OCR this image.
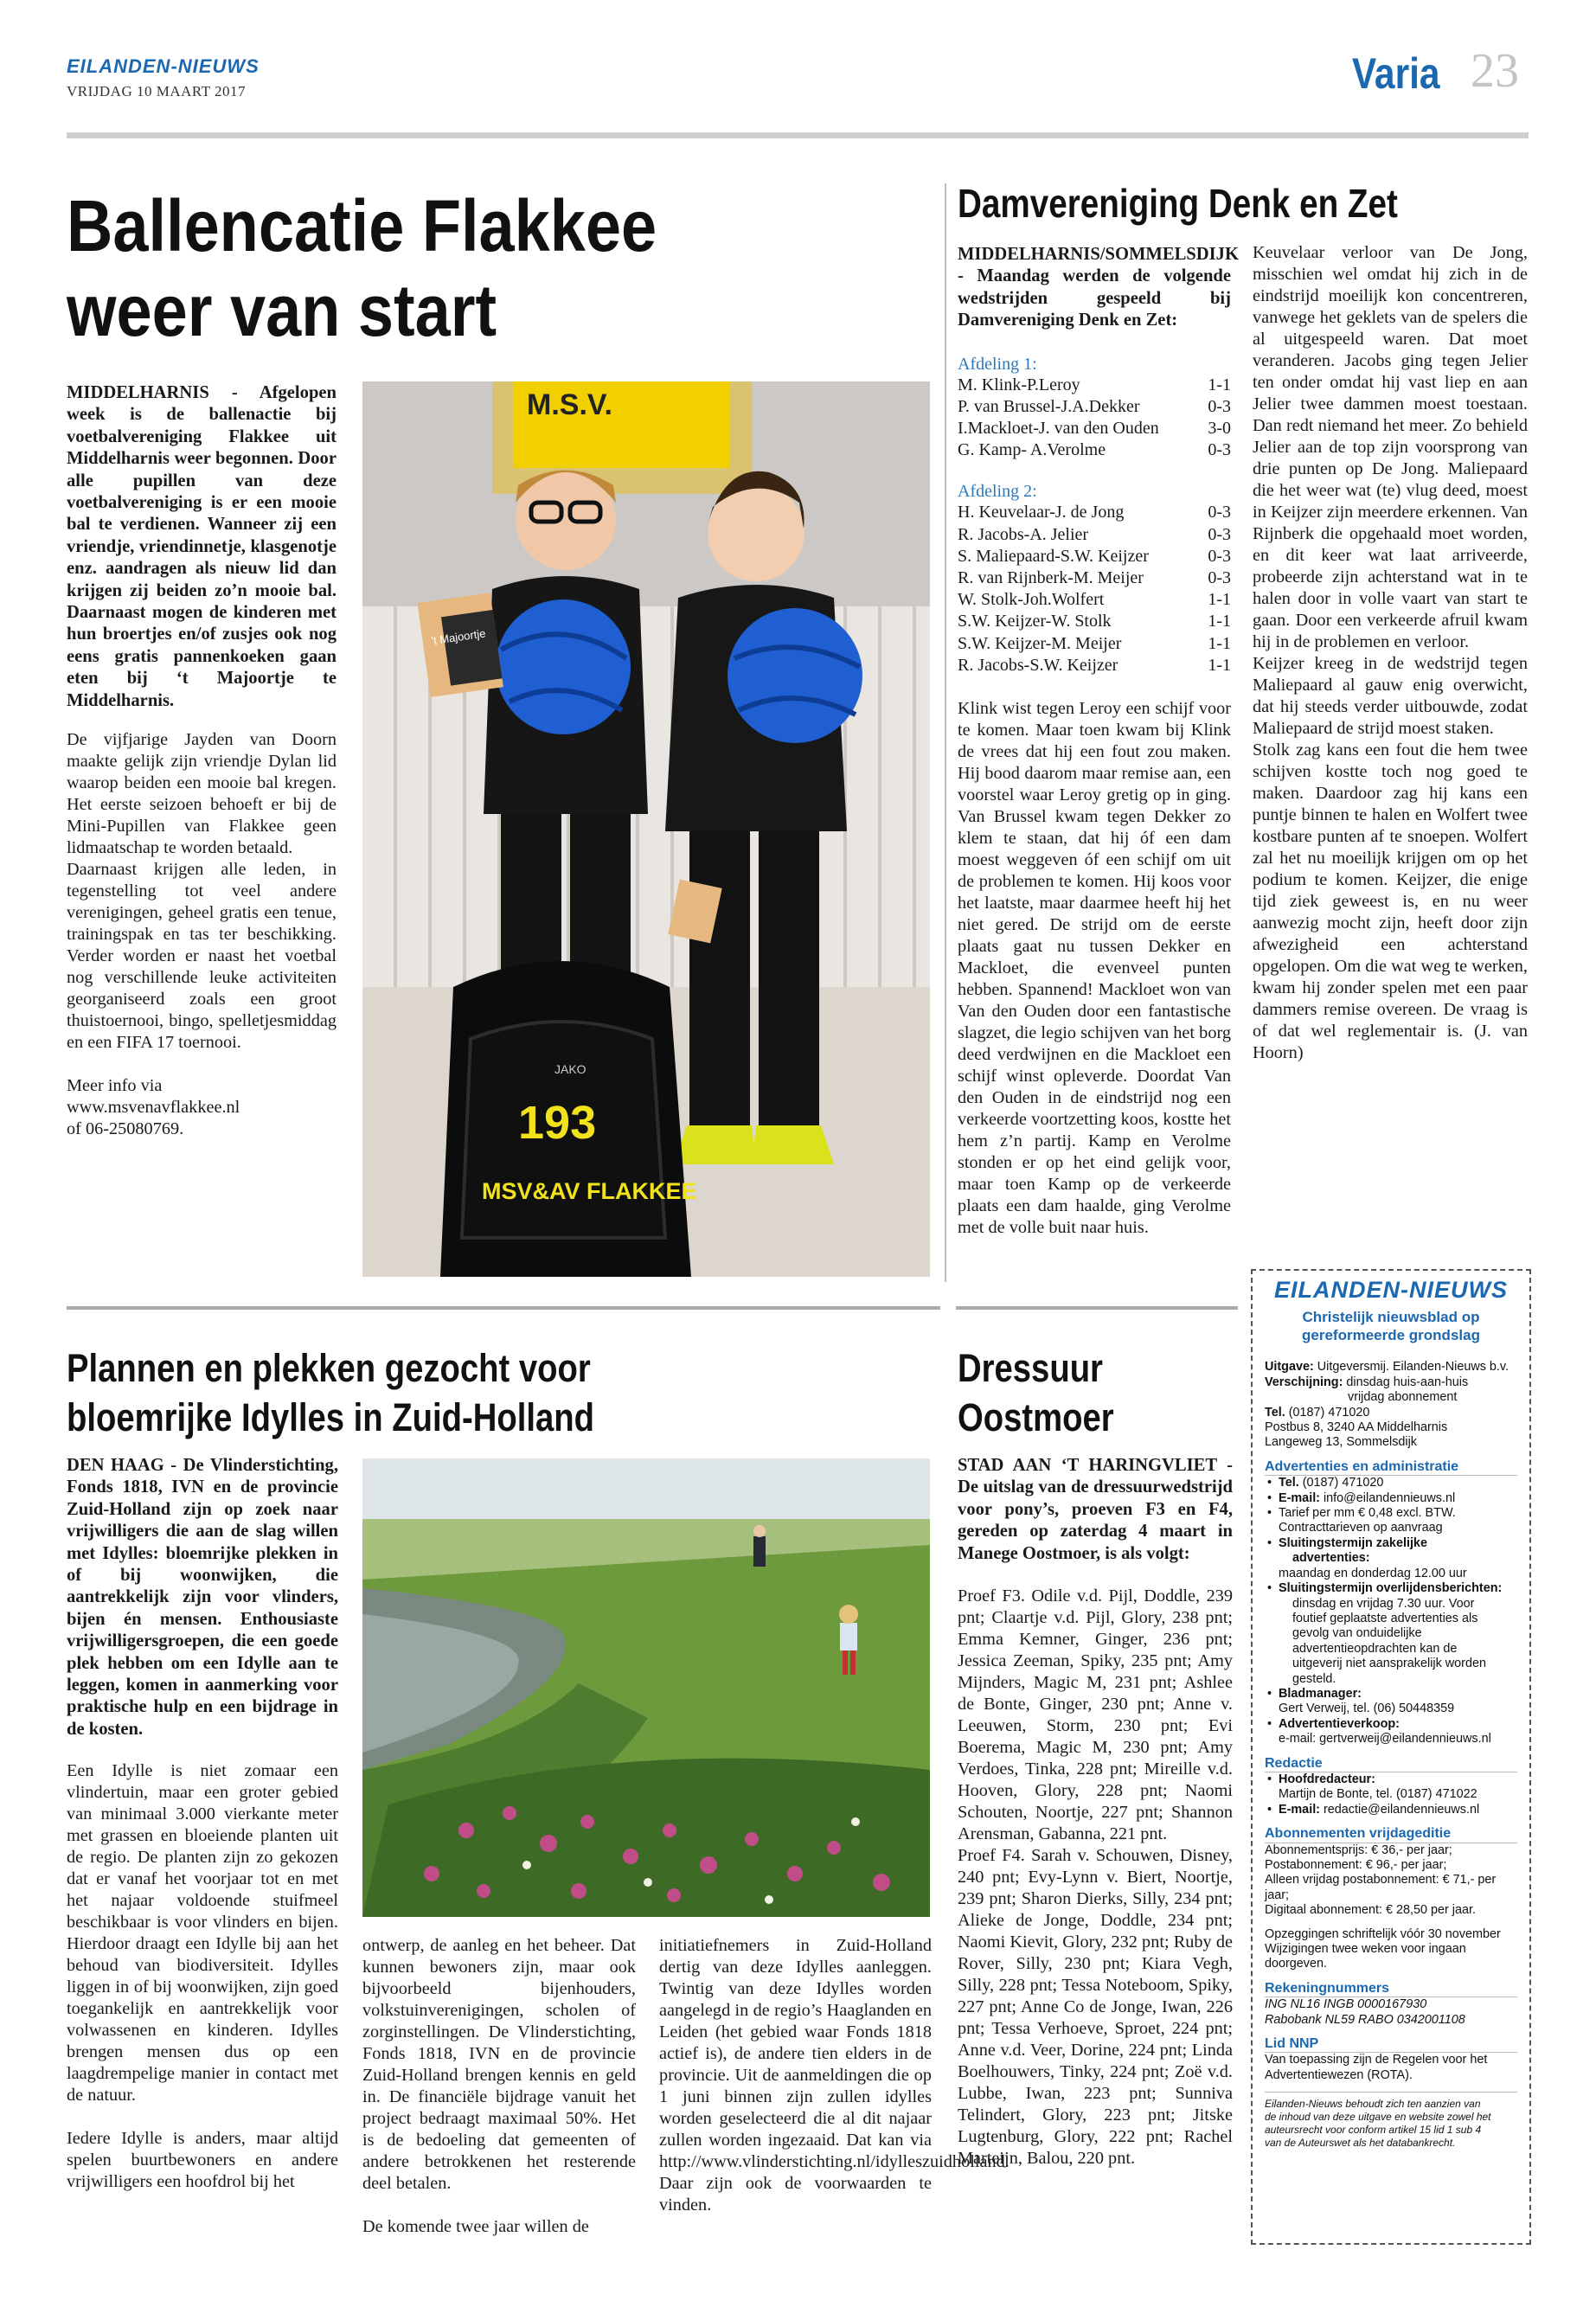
EILANDEN-NIEUWS
VRIJDAG 10 MAART 2017	Varia 23
Ballencatie Flakkee
weer van start
MIDDELHARNIS - Afgelopen week is de ballenactie bij voetbalvereniging Flakkee uit Middelharnis weer begonnen. Door alle pupillen van deze voetbalvereniging is er een mooie bal te verdienen. Wanneer zij een vriendje, vriendinnetje, klasgenotje enz. aandragen als nieuw lid dan krijgen zij beiden zo’n mooie bal. Daarnaast mogen de kinderen met hun broertjes en/of zusjes ook nog eens gratis pannenkoeken gaan eten bij ‘t Majoortje te Middelharnis.

De vijfjarige Jayden van Doorn maakte gelijk zijn vriendje Dylan lid waarop beiden een mooie bal kregen. Het eerste seizoen behoeft er bij de Mini-Pupillen van Flakkee geen lidmaatschap te worden betaald.

Daarnaast krijgen alle leden, in tegenstelling tot veel andere verenigingen, geheel gratis een tenue, trainingspak en tas ter beschikking. Verder worden er naast het voetbal nog verschillende leuke activiteiten georganiseerd zoals een groot thuistoernooi, bingo, spelletjesmiddag en een FIFA 17 toernooi.

Meer info via

www.msvenavflakkee.nl

of 06-25080769.

M.S.V.
't Majoortje
JAKO
193
MSV&AV FLAKKEE
Damvereniging Denk en Zet
MIDDELHARNIS/SOMMELSDIJK - Maandag werden de volgende wedstrijden gespeeld bij Damvereniging Denk en Zet:
Afdeling 1:
M. Klink-P.Leroy	1-1
P. van Brussel-J.A.Dekker	0-3
I.Mackloet-J. van den Ouden	3-0
G. Kamp- A.Verolme	0-3
Afdeling 2:
H. Keuvelaar-J. de Jong	0-3
R. Jacobs-A. Jelier	0-3
S. Maliepaard-S.W. Keijzer	0-3
R. van Rijnberk-M. Meijer	0-3
W. Stolk-Joh.Wolfert	1-1
S.W. Keijzer-W. Stolk	1-1
S.W. Keijzer-M. Meijer	1-1
R. Jacobs-S.W. Keijzer	1-1

Klink wist tegen Leroy een schijf voor te komen. Maar toen kwam bij Klink de vrees dat hij een fout zou maken. Hij bood daarom maar remise aan, een voorstel waar Leroy gretig op in ging. Van Brussel kwam tegen Dekker zo klem te staan, dat hij óf een dam moest weggeven óf een schijf om uit de problemen te komen. Hij koos voor het laatste, maar daarmee heeft hij het niet gered. De strijd om de eerste plaats gaat nu tussen Dekker en Mackloet, die evenveel punten hebben. Spannend! Mackloet won van Van den Ouden door een fantastische slagzet, die legio schijven van het borg deed verdwijnen en die Mackloet een schijf winst opleverde. Doordat Van den Ouden in de eindstrijd nog een verkeerde voortzetting koos, kostte het hem z’n partij. Kamp en Verolme stonden er op het eind gelijk voor, maar toen Kamp op de verkeerde plaats een dam haalde, ging Verolme met de volle buit naar huis.

Keuvelaar verloor van De Jong, misschien wel omdat hij zich in de eindstrijd moeilijk kon concentreren, vanwege het geklets van de spelers die al uitgespeeld waren. Dat moet veranderen. Jacobs ging tegen Jelier ten onder omdat hij vast liep en aan Jelier twee dammen moest toestaan. Dan redt niemand het meer. Zo behield Jelier aan de top zijn voorsprong van drie punten op De Jong. Maliepaard die het weer wat (te) vlug deed, moest in Keijzer zijn meerdere erkennen. Van Rijnberk die opgehaald moet worden, en dit keer wat laat arriveerde, probeerde zijn achterstand wat in te halen door in volle vaart van start te gaan. Door een verkeerde afruil kwam hij in de problemen en verloor.

Keijzer kreeg in de wedstrijd tegen Maliepaard al gauw enig overwicht, dat hij steeds verder uitbouwde, zodat Maliepaard de strijd moest staken.

Stolk zag kans een fout die hem twee schijven kostte toch nog goed te maken. Daardoor zag hij kans een puntje binnen te halen en Wolfert twee kostbare punten af te snoepen. Wolfert zal het nu moeilijk krijgen om op het podium te komen. Keijzer, die enige tijd ziek geweest is, en nu weer aanwezig mocht zijn, heeft door zijn afwezigheid een achterstand opgelopen. Om die wat weg te werken, kwam hij zonder spelen met een paar dammers remise overeen. De vraag is of dat wel reglementair is. (J. van Hoorn)

Plannen en plekken gezocht voor
bloemrijke Idylles in Zuid-Holland
DEN HAAG - De Vlinderstichting, Fonds 1818, IVN en de provincie Zuid-Holland zijn op zoek naar vrijwilligers die aan de slag willen met Idylles: bloemrijke plekken in of bij woonwijken, die aantrekkelijk zijn voor vlinders, bijen én mensen. Enthousiaste vrijwilligersgroepen, die een goede plek hebben om een Idylle aan te leggen, komen in aanmerking voor praktische hulp en een bijdrage in de kosten.

Een Idylle is niet zomaar een vlindertuin, maar een groter gebied van minimaal 3.000 vierkante meter met grassen en bloeiende planten uit de regio. De planten zijn zo gekozen dat er vanaf het voorjaar tot en met het najaar voldoende stuifmeel beschikbaar is voor vlinders en bijen. Hierdoor draagt een Idylle bij aan het behoud van biodiversiteit. Idylles liggen in of bij woonwijken, zijn goed toegankelijk en aantrekkelijk voor volwassenen en kinderen. Idylles brengen mensen dus op een laagdrempelige manier in contact met de natuur.

Iedere Idylle is anders, maar altijd spelen buurtbewoners en andere vrijwilligers een hoofdrol bij het

ontwerp, de aanleg en het beheer. Dat kunnen bewoners zijn, maar ook bijvoorbeeld bijenhouders, volkstuinverenigingen, scholen of zorginstellingen. De Vlinderstichting, Fonds 1818, IVN en de provincie Zuid-Holland brengen kennis en geld in. De financiële bijdrage vanuit het project bedraagt maximaal 50%. Het is de bedoeling dat gemeenten of andere betrokkenen het resterende deel betalen.

De komende twee jaar willen de

initiatiefnemers in Zuid-Holland dertig van deze Idylles aanleggen. Twintig van deze Idylles worden aangelegd in de regio’s Haaglanden en Leiden (het gebied waar Fonds 1818 actief is), de andere tien elders in de provincie. Uit de aanmeldingen die op 1 juni binnen zijn zullen idylles worden geselecteerd die al dit najaar zullen worden ingezaaid. Dat kan via http://www.vlinderstichting.nl/idylleszuidholland. Daar zijn ook de voorwaarden te vinden.

Dressuur
Oostmoer
STAD AAN ‘T HARINGVLIET - De uitslag van de dressuurwedstrijd voor pony’s, proeven F3 en F4, gereden op zaterdag 4 maart in Manege Oostmoer, is als volgt:

Proef F3. Odile v.d. Pijl, Doddle, 239 pnt; Claartje v.d. Pijl, Glory, 238 pnt; Emma Kemner, Ginger, 236 pnt; Jessica Zeeman, Spiky, 235 pnt; Amy Mijnders, Magic M, 231 pnt; Ashlee de Bonte, Ginger, 230 pnt; Anne v. Leeuwen, Storm, 230 pnt; Evi Boerema, Magic M, 230 pnt; Amy Verdoes, Tinka, 228 pnt; Mireille v.d. Hooven, Glory, 228 pnt; Naomi Schouten, Noortje, 227 pnt; Shannon Arensman, Gabanna, 221 pnt.

Proef F4. Sarah v. Schouwen, Disney, 240 pnt; Evy-Lynn v. Biert, Noortje, 239 pnt; Sharon Dierks, Silly, 234 pnt; Alieke de Jonge, Doddle, 234 pnt; Naomi Kievit, Glory, 232 pnt; Ruby de Rover, Silly, 230 pnt; Kiara Vegh, Silly, 228 pnt; Tessa Noteboom, Spiky, 227 pnt; Anne Co de Jonge, Iwan, 226 pnt; Tessa Verhoeve, Sproet, 224 pnt; Anne v.d. Veer, Dorine, 224 pnt; Linda Boelhouwers, Tinky, 224 pnt; Zoë v.d. Lubbe, Iwan, 223 pnt; Sunniva Telindert, Glory, 223 pnt; Jitske Lugtenburg, Glory, 222 pnt; Rachel Marteijn, Balou, 220 pnt.

EILANDEN-NIEUWS
Christelijk nieuwsblad op
gereformeerde grondslag
Uitgave: Uitgeversmij. Eilanden-Nieuws b.v.
Verschijning: dinsdag huis-aan-huis
vrijdag abonnement
Tel. (0187) 471020
Postbus 8, 3240 AA Middelharnis
Langeweg 13, Sommelsdijk
Advertenties en administratie
• Tel. (0187) 471020
• E-mail: info@eilandennieuws.nl
• Tarief per mm € 0,48 excl. BTW.
Contracttarieven op aanvraag
• Sluitingstermijn zakelijke
advertenties:
maandag en donderdag 12.00 uur
• Sluitingstermijn overlijdensberichten:

dinsdag en vrijdag 7.30 uur. Voor
foutief geplaatste advertenties als
gevolg van onduidelijke
advertentieopdrachten kan de
uitgeverij niet aansprakelijk worden
gesteld.
• Bladmanager:
Gert Verweij, tel. (06) 50448359
• Advertentieverkoop:
e-mail: gertverweij@eilandennieuws.nl
Redactie
• Hoofdredacteur:
Martijn de Bonte, tel. (0187) 471022
• E-mail: redactie@eilandennieuws.nl
Abonnementen vrijdageditie
Abonnementsprijs: € 36,- per jaar;
Postabonnement: € 96,- per jaar;
Alleen vrijdag postabonnement: € 71,- per jaar;
Digitaal abonnement: € 28,50 per jaar.
Opzeggingen schriftelijk vóór 30 november
Wijzigingen twee weken voor ingaan
doorgeven.
Rekeningnummers
ING NL16 INGB 0000167930
Rabobank NL59 RABO 0342001108
Lid NNP
Van toepassing zijn de Regelen voor het
Advertentiewezen (ROTA).
Eilanden-Nieuws behoudt zich ten aanzien van
de inhoud van deze uitgave en website zowel het
auteursrecht voor conform artikel 15 lid 1 sub 4
van de Auteurswet als het databankrecht.
